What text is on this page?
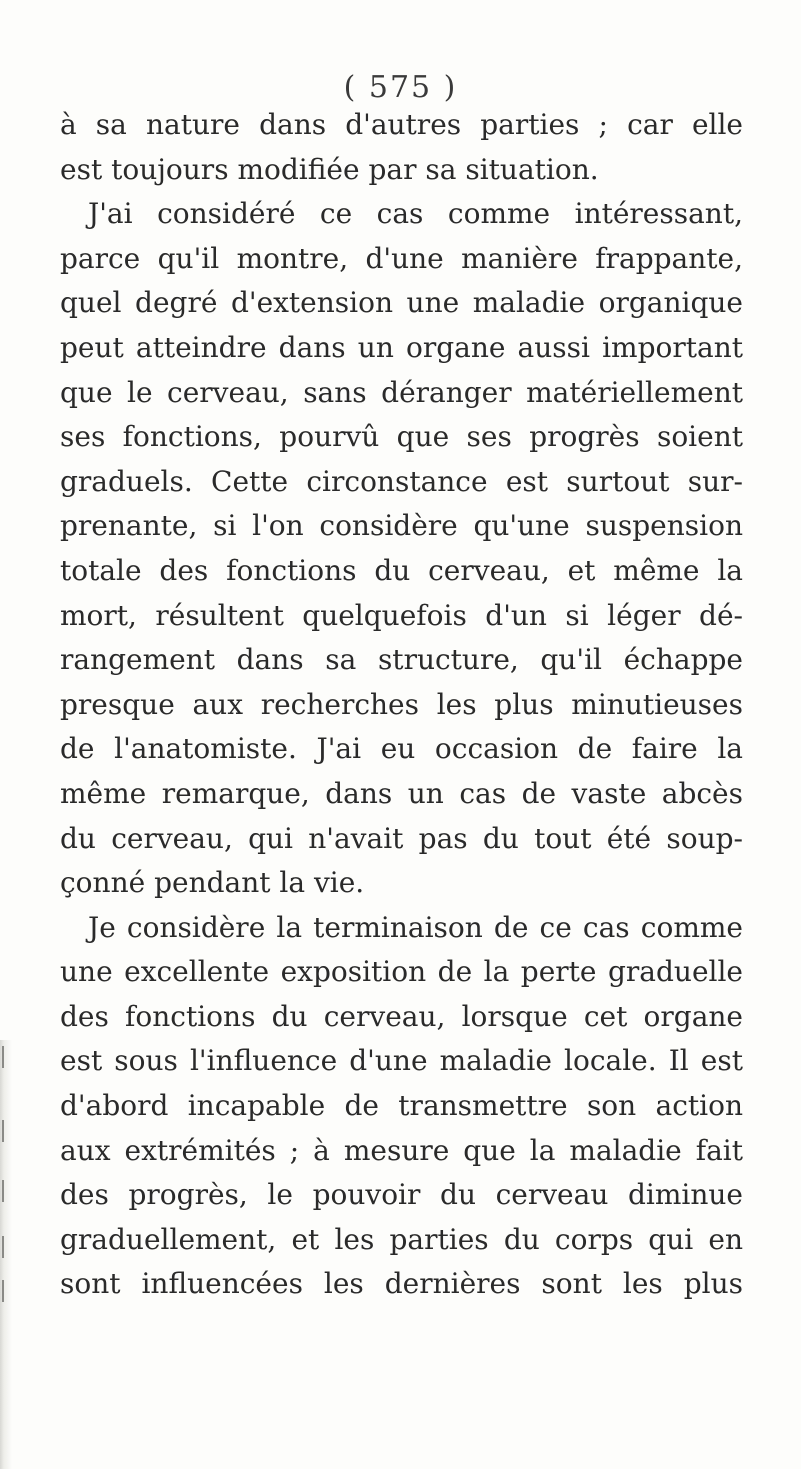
( 575 )
à sa nature dans d'autres parties ; car elle
est toujours modifiée par sa situation.
J'ai considéré ce cas comme intéressant,
parce qu'il montre, d'une manière frappante,
quel degré d'extension une maladie organique
peut atteindre dans un organe aussi important
que le cerveau, sans déranger matériellement
ses fonctions, pourvû que ses progrès soient
graduels. Cette circonstance est surtout sur-
prenante, si l'on considère qu'une suspension
totale des fonctions du cerveau, et même la
mort, résultent quelquefois d'un si léger dé-
rangement dans sa structure, qu'il échappe
presque aux recherches les plus minutieuses
de l'anatomiste. J'ai eu occasion de faire la
même remarque, dans un cas de vaste abcès
du cerveau, qui n'avait pas du tout été soup-
çonné pendant la vie.
Je considère la terminaison de ce cas comme
une excellente exposition de la perte graduelle
des fonctions du cerveau, lorsque cet organe
est sous l'influence d'une maladie locale. Il est
d'abord incapable de transmettre son action
aux extrémités ; à mesure que la maladie fait
des progrès, le pouvoir du cerveau diminue
graduellement, et les parties du corps qui en
sont influencées les dernières sont les plus
